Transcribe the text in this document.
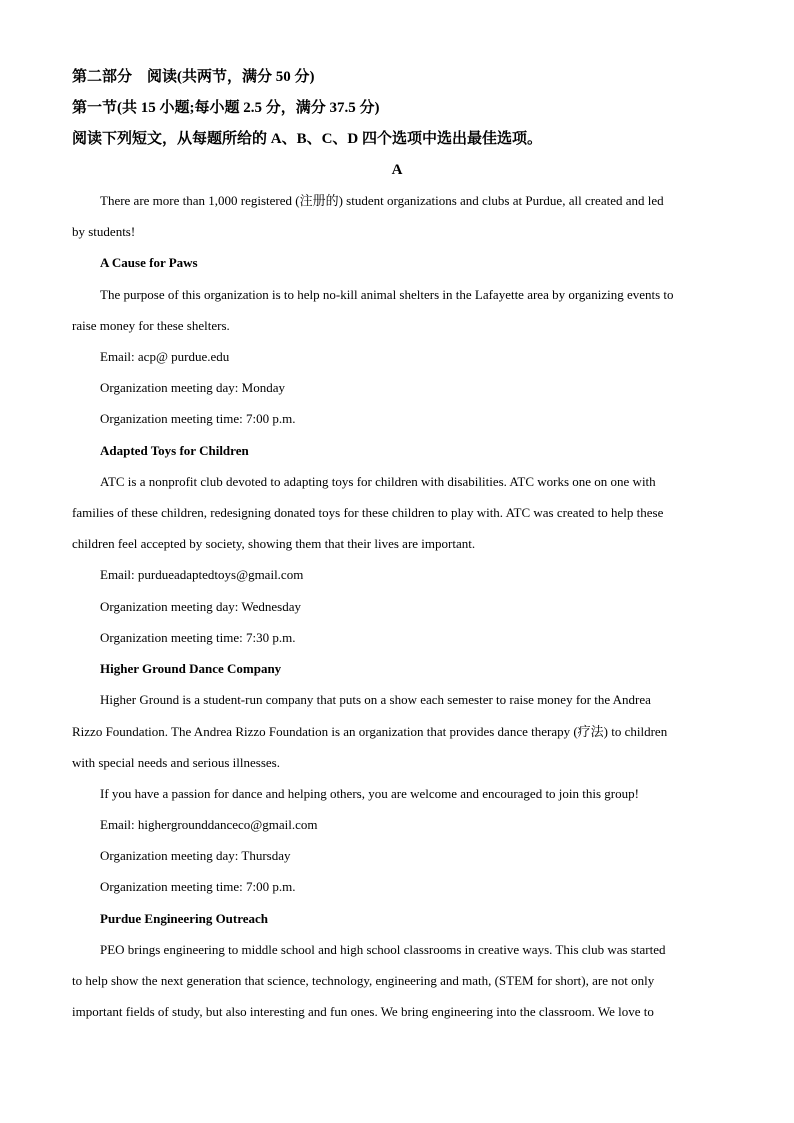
第二部分　阅读(共两节，满分 50 分)
第一节(共 15 小题;每小题 2.5 分，满分 37.5 分)
阅读下列短文，从每题所给的 A、B、C、D 四个选项中选出最佳选项。
A
There are more than 1,000 registered (注册的) student organizations and clubs at Purdue, all created and led
by students!
A Cause for Paws
The purpose of this organization is to help no-kill animal shelters in the Lafayette area by organizing events to
raise money for these shelters.
Email: acp@ purdue.edu
Organization meeting day: Monday
Organization meeting time: 7:00 p.m.
Adapted Toys for Children
ATC is a nonprofit club devoted to adapting toys for children with disabilities. ATC works one on one with
families of these children, redesigning donated toys for these children to play with. ATC was created to help these
children feel accepted by society, showing them that their lives are important.
Email: purdueadaptedtoys@gmail.com
Organization meeting day: Wednesday
Organization meeting time: 7:30 p.m.
Higher Ground Dance Company
Higher Ground is a student-run company that puts on a show each semester to raise money for the Andrea
Rizzo Foundation. The Andrea Rizzo Foundation is an organization that provides dance therapy (疗法) to children
with special needs and serious illnesses.
If you have a passion for dance and helping others, you are welcome and encouraged to join this group!
Email: highergrounddanceco@gmail.com
Organization meeting day: Thursday
Organization meeting time: 7:00 p.m.
Purdue Engineering Outreach
PEO brings engineering to middle school and high school classrooms in creative ways. This club was started
to help show the next generation that science, technology, engineering and math, (STEM for short), are not only
important fields of study, but also interesting and fun ones. We bring engineering into the classroom. We love to
